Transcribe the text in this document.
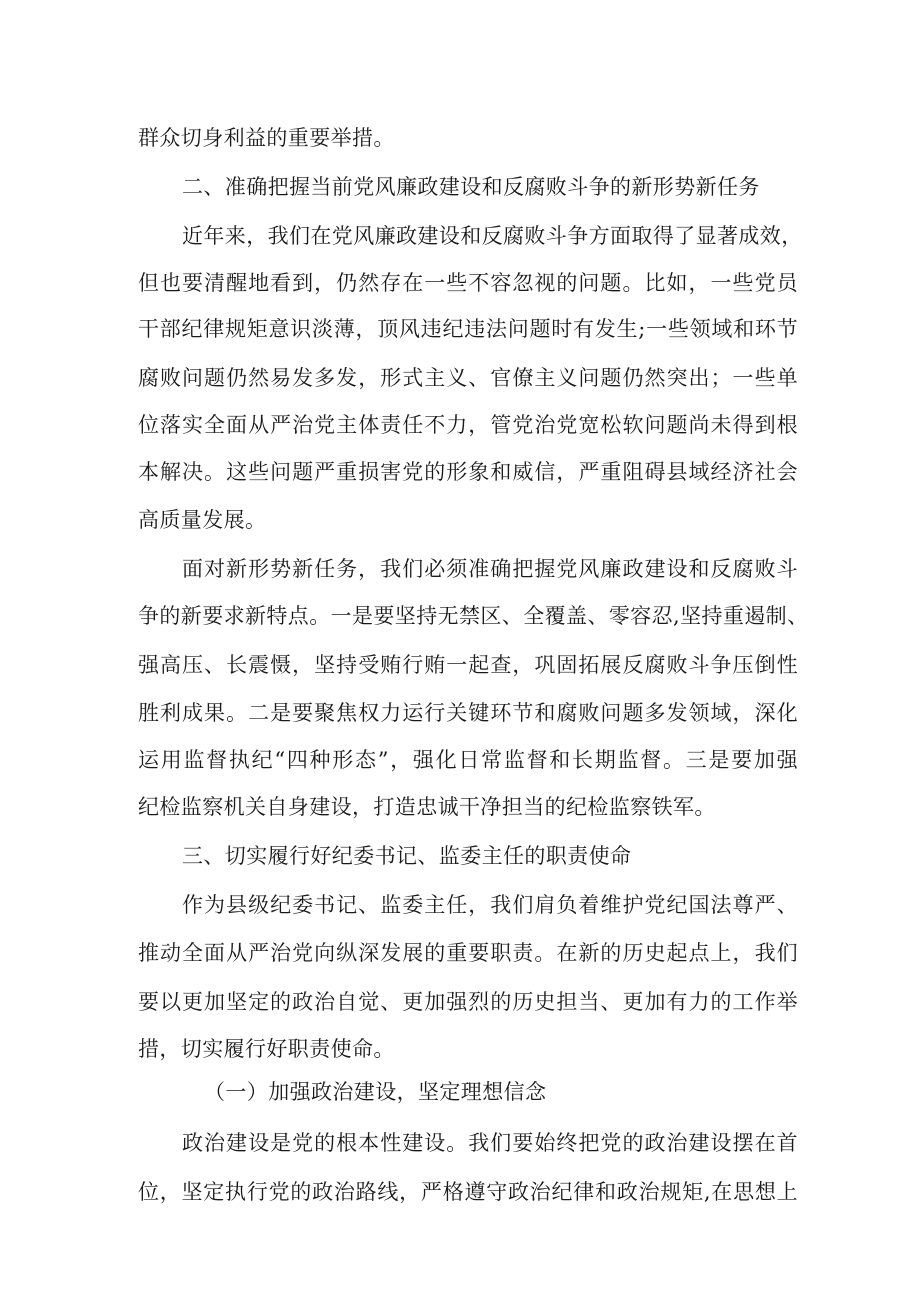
群众切身利益的重要举措。
二、准确把握当前党风廉政建设和反腐败斗争的新形势新任务
近年来，我们在党风廉政建设和反腐败斗争方面取得了显著成效，
但也要清醒地看到，仍然存在一些不容忽视的问题。比如，一些党员
干部纪律规矩意识淡薄，顶风违纪违法问题时有发生;一些领域和环节
腐败问题仍然易发多发，形式主义、官僚主义问题仍然突出；一些单
位落实全面从严治党主体责任不力，管党治党宽松软问题尚未得到根
本解决。这些问题严重损害党的形象和威信，严重阻碍县域经济社会
高质量发展。
面对新形势新任务，我们必须准确把握党风廉政建设和反腐败斗
争的新要求新特点。一是要坚持无禁区、全覆盖、零容忍,坚持重遏制、
强高压、长震慑，坚持受贿行贿一起查，巩固拓展反腐败斗争压倒性
胜利成果。二是要聚焦权力运行关键环节和腐败问题多发领域，深化
运用监督执纪“四种形态”，强化日常监督和长期监督。三是要加强
纪检监察机关自身建设，打造忠诚干净担当的纪检监察铁军。
三、切实履行好纪委书记、监委主任的职责使命
作为县级纪委书记、监委主任，我们肩负着维护党纪国法尊严、
推动全面从严治党向纵深发展的重要职责。在新的历史起点上，我们
要以更加坚定的政治自觉、更加强烈的历史担当、更加有力的工作举
措，切实履行好职责使命。
（一）加强政治建设，坚定理想信念
政治建设是党的根本性建设。我们要始终把党的政治建设摆在首
位，坚定执行党的政治路线，严格遵守政治纪律和政治规矩,在思想上
